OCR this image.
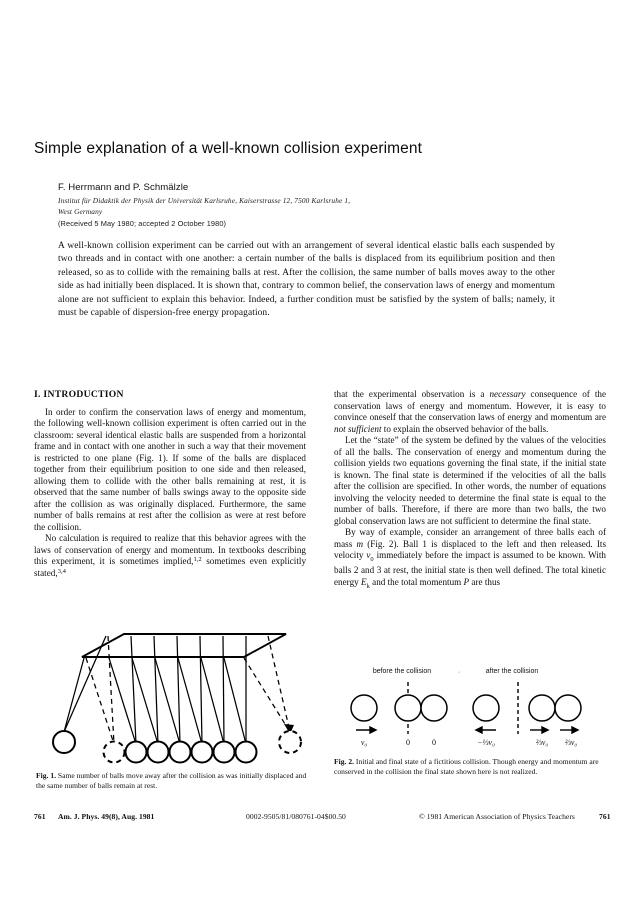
Simple explanation of a well-known collision experiment
F. Herrmann and P. Schmälzle
Institut für Didaktik der Physik der Universität Karlsruhe, Kaiserstrasse 12, 7500 Karlsruhe 1,
West Germany
(Received 5 May 1980; accepted 2 October 1980)
A well-known collision experiment can be carried out with an arrangement of several identical elastic balls each suspended by two threads and in contact with one another: a certain number of the balls is displaced from its equilibrium position and then released, so as to collide with the remaining balls at rest. After the collision, the same number of balls moves away to the other side as had initially been displaced. It is shown that, contrary to common belief, the conservation laws of energy and momentum alone are not sufficient to explain this behavior. Indeed, a further condition must be satisfied by the system of balls; namely, it must be capable of dispersion-free energy propagation.
I. INTRODUCTION

In order to confirm the conservation laws of energy and momentum, the following well-known collision experiment is often carried out in the classroom: several identical elastic balls are suspended from a horizontal frame and in contact with one another in such a way that their movement is restricted to one plane (Fig. 1). If some of the balls are displaced together from their equilibrium position to one side and then released, allowing them to collide with the other balls remaining at rest, it is observed that the same number of balls swings away to the opposite side after the collision as was originally displaced. Furthermore, the same number of balls remains at rest after the collision as were at rest before the collision.

No calculation is required to realize that this behavior agrees with the laws of conservation of energy and momentum. In textbooks describing this experiment, it is sometimes implied,$^{1,2}$ sometimes even explicitly stated,$^{3,4}$

that the experimental observation is a necessary consequence of the conservation laws of energy and momentum. However, it is easy to convince oneself that the conservation laws of energy and momentum are not sufficient to explain the observed behavior of the balls.

Let the “state” of the system be defined by the values of the velocities of all the balls. The conservation of energy and momentum during the collision yields two equations governing the final state, if the initial state is known. The final state is determined if the velocities of all the balls after the collision are specified. In other words, the number of equations involving the velocity needed to determine the final state is equal to the number of balls. Therefore, if there are more than two balls, the two global conservation laws are not sufficient to determine the final state.

By way of example, consider an arrangement of three balls each of mass m (Fig. 2). Ball 1 is displaced to the left and then released. Its velocity $v_0$ immediately before the impact is assumed to be known. With balls 2 and 3 at rest, the initial state is then well defined. The total kinetic energy $E_k$ and the total momentum P are thus

Fig. 1. Same number of balls move away after the collision as was initially displaced and the same number of balls remain at rest.
before the collision	after the collision
·
v₀	0	0	−⅓v₀	⅔v₀ ⅔v₀
Fig. 2. Initial and final state of a fictitious collision. Though energy and momentum are conserved in the collision the final state shown here is not realized.
761 Am. J. Phys. 49(8), Aug. 1981	0002-9505/81/080761-04$00.50	© 1981 American Association of Physics Teachers	761
